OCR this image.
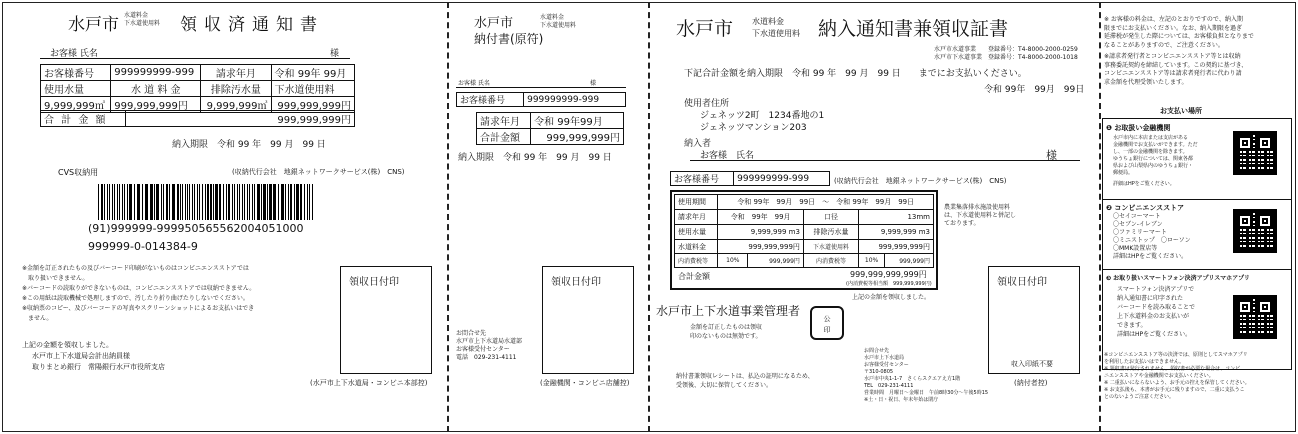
水戸市 水道料金
下水道使用料 領収済通知書
お客様 氏名	様
お客様番号	999999999-999	請求年月	令和 99年 99月
使用水量	水 道 料 金	排除汚水量	下水道使用料
9,999,999㎥	999,999,999円	9,999,999㎥	999,999,999円
合 計 金 額	999,999,999円
納入期限　令和 99 年　99 月　99 日
CVS収納用	(収納代行会社　地銀ネットワークサービス(株)　CNS)
(91)999999-999950565562004051000
999999-0-014384-9
※金額を訂正されたもの及びバーコード印刷がないものはコンビニエンスストアでは
　取り扱いできません。
※バーコードの読取りができないものは、コンビニエンスストアでは収納できません。
※この用紙は読取機械で処理しますので、汚したり折り曲げたりしないでください。
※収納票のコピー、及びバーコードの写真やスクリーンショットによるお支払いはでき
　ません。
上記の金額を領収しました。
水戸市上下水道局会計出納員様
取りまとめ銀行　常陽銀行水戸市役所支店
領収日付印
(水戸市上下水道局・コンビニ本部控)
水戸市	水道料金
下水道使用料
納付書(原符)
お客様 氏名	様
お客様番号	999999999-999
請求年月	令和 99年99月
合計金額	999,999,999円
納入期限　令和 99 年　99 月　99 日
領収日付印
お問合せ先
水戸市上下水道局水道部
お客様受付センター
電話　029-231-4111
(金融機関・コンビニ店舗控)
水戸市 水道料金
下水道使用料 納入通知書兼領収証書
水戸市水道事業　　登録番号：T4-8000-2000-0259
水戸市下水道事業　登録番号：T4-8000-2000-1018
下記合計金額を納入期限　令和 99 年　99 月　99 日　　までにお支払いください。
令和 99年　99月　99日
使用者住所
ジェネッツ2町　1234番地の1
ジェネッツマンション203
納入者
お客様　氏名	様
お客様番号	999999999-999	(収納代行会社　地銀ネットワークサービス(株)　CNS)
使用期間	令和 99年　99月　99日　～　令和 99年　99月　99日				
請求年月	令和　99年　99月		口径	13mm	
使用水量	9,999,999 m3		排除汚水量	9,999,999 m3	
水道料金	999,999,999円		下水道使用料	999,999,999円	
内消費税等	10%	999,999円	内消費税等	10%	999,999円
合計金額	999,999,999,999円
(内消費税等相当額　999,999,999円)
農業集落排水施設使用料
は、下水道使用料と併記し
ております。
上記の金額を領収しました。
水戸市上下水道事業管理者
金額を訂正したものは領収
印のないものは無効です。
公
印
お問合せ先
水戸市上下水道局
お客様受付センター
〒310-0805
水戸市中央1-1-7　さくらスクエアえ方1階
TEL　029-231-4111
営業時間　月曜日～金曜日　午前8時30分～午後5時15
※土・日・祝日、年末年始は閉庁
納付書兼領収レシートは、払込の証明になるため、
受領後、大切に保管してください。
領収日付印
収入印紙不要
(納付者控)
※ お客様の料金は、左記のとおりですので、納入期
限までにお支払いください。なお、納入期限を過ぎ
延滞税が発生した際については、お客様負担となりまで
なることがありますので、ご注意ください。
※請求者発行者とコンビニエンスストア等とは収納
事務委託契約を締結しています。この契約に基づき、
コンビニエンスストア等は請求者発行者に代わり請
求金額を代理受領いたします。
お支払い場所
❶ お取扱い金融機関
水戸市内に本店または支店がある
金融機関でお支払いができます。ただ
し、一部の金融機関を除きます。
ゆうちょ銀行については、関東各都
県および山梨県内のゆうちょ銀行・
郵便局。
詳細はHPをご覧ください。
❷ コンビニエンスストア
〇セイコーマート
〇セブン-イレブン
〇ファミリーマート
〇ミニストップ　〇ローソン
〇MMK設置店等
詳細はHPをご覧ください。
❸ お取り扱いスマートフォン決済アプリスマホアプリ
スマートフォン決済アプリで
納入通知書に印字された
バーコードを読み取ることで
上下水道料金のお支払いが
できます。
詳細はHPをご覧ください。
※コンビニエンスストア等の決済では、原則としてスマホアプリ
を利用したお支払いはできません。
※ 領収書は発行されません。領収書が必要な場合は、コンビ
ニエンスストアや金融機関でお支払いください。
※ 二重払いにならないよう、お手元の控えを保管してください。
※ お支払後も、本書がお手元に残りますので、二重に支払うこ
とのないようご注意ください。
